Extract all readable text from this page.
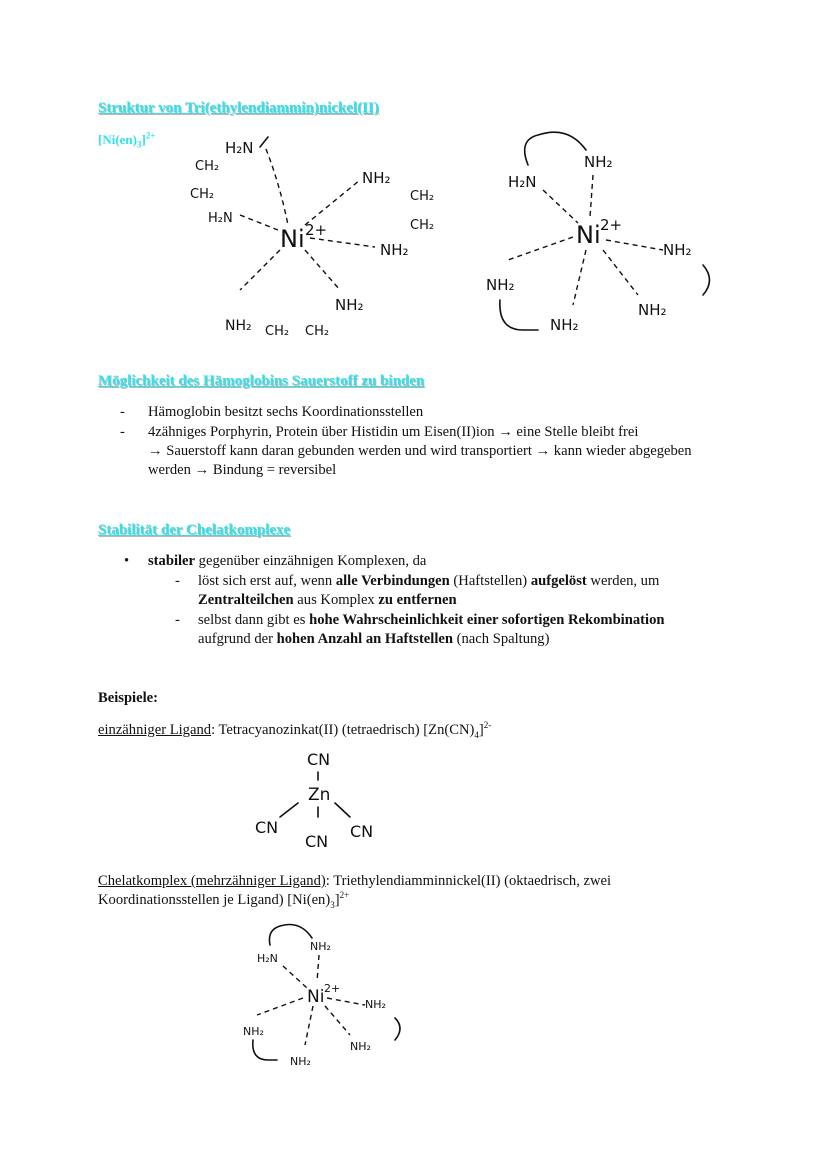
Struktur von Tri(ethylendiammin)nickel(II)
$[Ni(en)_3]^{2+}$
Ni 2+
H₂N
CH₂
CH₂
H₂N
NH₂
CH₂
CH₂
NH₂
NH₂
NH₂ CH₂ CH₂
H₂N
NH₂
Ni 2+
NH₂
NH₂
NH₂
NH₂
Möglichkeit des Hämoglobins Sauerstoff zu binden
- Hämoglobin besitzt sechs Koordinationsstellen
- 4zähniges Porphyrin, Protein über Histidin um Eisen(II)ion → eine Stelle bleibt frei
→ Sauerstoff kann daran gebunden werden und wird transportiert → kann wieder abgegeben
werden → Bindung = reversibel
Stabilität der Chelatkomplexe
• stabiler gegenüber einzähnigen Komplexen, da
- löst sich erst auf, wenn alle Verbindungen (Haftstellen) aufgelöst werden, um
Zentralteilchen aus Komplex zu entfernen
- selbst dann gibt es hohe Wahrscheinlichkeit einer sofortigen Rekombination
aufgrund der hohen Anzahl an Haftstellen (nach Spaltung)
Beispiele:
einzähniger Ligand: Tetracyanozinkat(II) (tetraedrisch) $[Zn(CN)_4]^{2-}$
CN
Zn
CN
CN
CN
Chelatkomplex (mehrzähniger Ligand): Triethylendiamminnickel(II) (oktaedrisch, zwei
Koordinationsstellen je Ligand) $[Ni(en)_3]^{2+}$
H₂N
NH₂
Ni 2+
NH₂
NH₂
NH₂
NH₂
